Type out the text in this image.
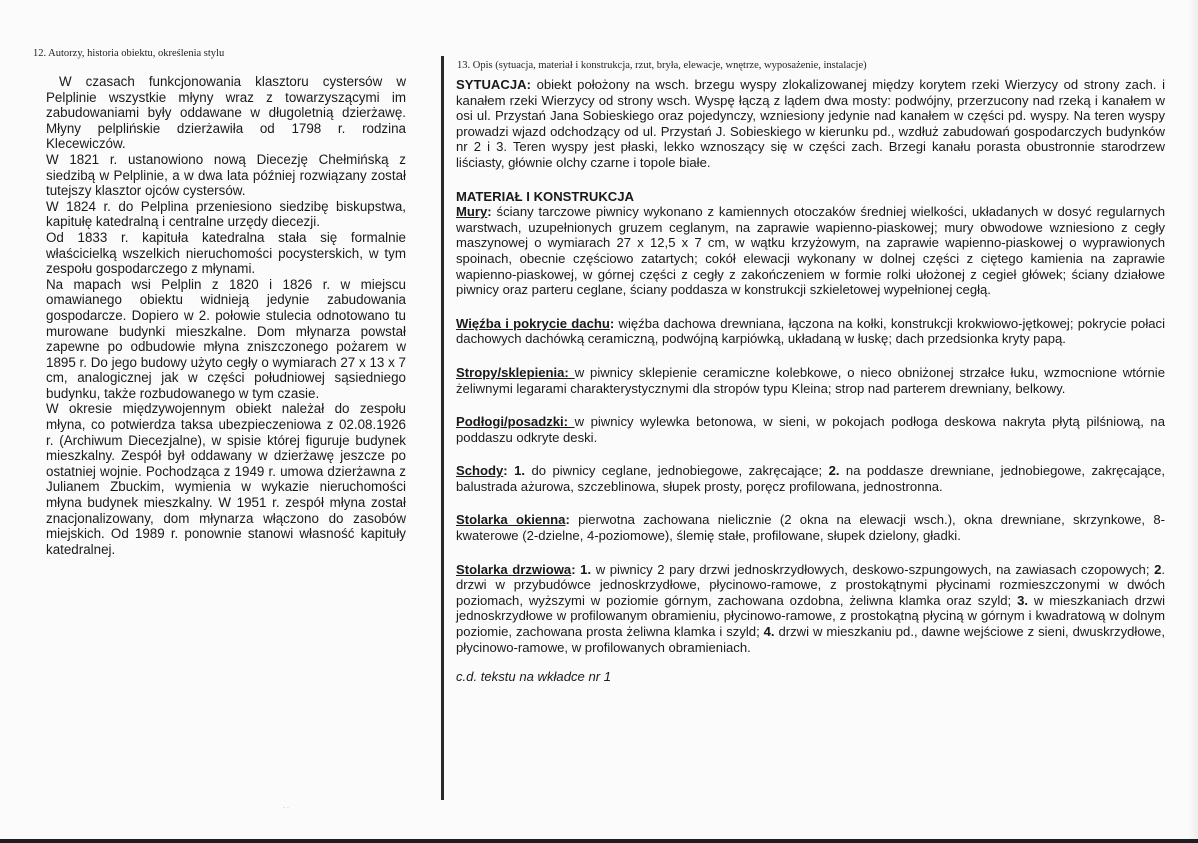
12. Autorzy, historia obiektu, określenia stylu

W czasach funkcjonowania klasztoru cystersów w Pelplinie wszystkie młyny wraz z towarzyszącymi im zabudowaniami były oddawane w długoletnią dzierżawę. Młyny pelplińskie dzierżawiła od 1798 r. rodzina Klecewiczów.

W 1821 r. ustanowiono nową Diecezję Chełmińską z siedzibą w Pelplinie, a w dwa lata później rozwiązany został tutejszy klasztor ojców cystersów.

W 1824 r. do Pelplina przeniesiono siedzibę biskupstwa, kapitułę katedralną i centralne urzędy diecezji.

Od 1833 r. kapituła katedralna stała się formalnie właścicielką wszelkich nieruchomości pocysterskich, w tym zespołu gospodarczego z młynami.

Na mapach wsi Pelplin z 1820 i 1826 r. w miejscu omawianego obiektu widnieją jedynie zabudowania gospodarcze. Dopiero w 2. połowie stulecia odnotowano tu murowane budynki mieszkalne. Dom młynarza powstał zapewne po odbudowie młyna zniszczonego pożarem w 1895 r. Do jego budowy użyto cegły o wymiarach 27 x 13 x 7 cm, analogicznej jak w części południowej sąsiedniego budynku, także rozbudowanego w tym czasie.

W okresie międzywojennym obiekt należał do zespołu młyna, co potwierdza taksa ubezpieczeniowa z 02.08.1926 r. (Archiwum Diecezjalne), w spisie której figuruje budynek mieszkalny. Zespół był oddawany w dzierżawę jeszcze po ostatniej wojnie. Pochodząca z 1949 r. umowa dzierżawna z Julianem Zbuckim, wymienia w wykazie nieruchomości młyna budynek mieszkalny. W 1951 r. zespół młyna został znacjonalizowany, dom młynarza włączono do zasobów miejskich. Od 1989 r. ponownie stanowi własność kapituły katedralnej.

··
13. Opis (sytuacja, materiał i konstrukcja, rzut, bryła, elewacje, wnętrze, wyposażenie, instalacje)

SYTUACJA: obiekt położony na wsch. brzegu wyspy zlokalizowanej między korytem rzeki Wierzycy od strony zach. i kanałem rzeki Wierzycy od strony wsch. Wyspę łączą z lądem dwa mosty: podwójny, przerzucony nad rzeką i kanałem w osi ul. Przystań Jana Sobieskiego oraz pojedynczy, wzniesiony jedynie nad kanałem w części pd. wyspy. Na teren wyspy prowadzi wjazd odchodzący od ul. Przystań J. Sobieskiego w kierunku pd., wzdłuż zabudowań gospodarczych budynków nr 2 i 3. Teren wyspy jest płaski, lekko wznoszący się w części zach. Brzegi kanału porasta obustronnie starodrzew liściasty, głównie olchy czarne i topole białe.

MATERIAŁ I KONSTRUKCJA

Mury: ściany tarczowe piwnicy wykonano z kamiennych otoczaków średniej wielkości, układanych w dosyć regularnych warstwach, uzupełnionych gruzem ceglanym, na zaprawie wapienno-piaskowej; mury obwodowe wzniesiono z cegły maszynowej o wymiarach 27 x 12,5 x 7 cm, w wątku krzyżowym, na zaprawie wapienno-piaskowej o wyprawionych spoinach, obecnie częściowo zatartych; cokół elewacji wykonany w dolnej części z ciętego kamienia na zaprawie wapienno-piaskowej, w górnej części z cegły z zakończeniem w formie rolki ułożonej z cegieł główek; ściany działowe piwnicy oraz parteru ceglane, ściany poddasza w konstrukcji szkieletowej wypełnionej cegłą.

Więźba i pokrycie dachu: więźba dachowa drewniana, łączona na kołki, konstrukcji krokwiowo-jętkowej; pokrycie połaci dachowych dachówką ceramiczną, podwójną karpiówką, układaną w łuskę; dach przedsionka kryty papą.

Stropy/sklepienia: w piwnicy sklepienie ceramiczne kolebkowe, o nieco obniżonej strzałce łuku, wzmocnione wtórnie żeliwnymi legarami charakterystycznymi dla stropów typu Kleina; strop nad parterem drewniany, belkowy.

Podłogi/posadzki: w piwnicy wylewka betonowa, w sieni, w pokojach podłoga deskowa nakryta płytą pilśniową, na poddaszu odkryte deski.

Schody: 1. do piwnicy ceglane, jednobiegowe, zakręcające; 2. na poddasze drewniane, jednobiegowe, zakręcające, balustrada ażurowa, szczeblinowa, słupek prosty, poręcz profilowana, jednostronna.

Stolarka okienna: pierwotna zachowana nielicznie (2 okna na elewacji wsch.), okna drewniane, skrzynkowe, 8-kwaterowe (2-dzielne, 4-poziomowe), ślemię stałe, profilowane, słupek dzielony, gładki.

Stolarka drzwiowa: 1. w piwnicy 2 pary drzwi jednoskrzydłowych, deskowo-szpungowych, na zawiasach czopowych; 2. drzwi w przybudówce jednoskrzydłowe, płycinowo-ramowe, z prostokątnymi płycinami rozmieszczonymi w dwóch poziomach, wyższymi w poziomie górnym, zachowana ozdobna, żeliwna klamka oraz szyld; 3. w mieszkaniach drzwi jednoskrzydłowe w profilowanym obramieniu, płycinowo-ramowe, z prostokątną płyciną w górnym i kwadratową w dolnym poziomie, zachowana prosta żeliwna klamka i szyld; 4. drzwi w mieszkaniu pd., dawne wejściowe z sieni, dwuskrzydłowe, płycinowo-ramowe, w profilowanych obramieniach.

c.d. tekstu na wkładce nr 1
